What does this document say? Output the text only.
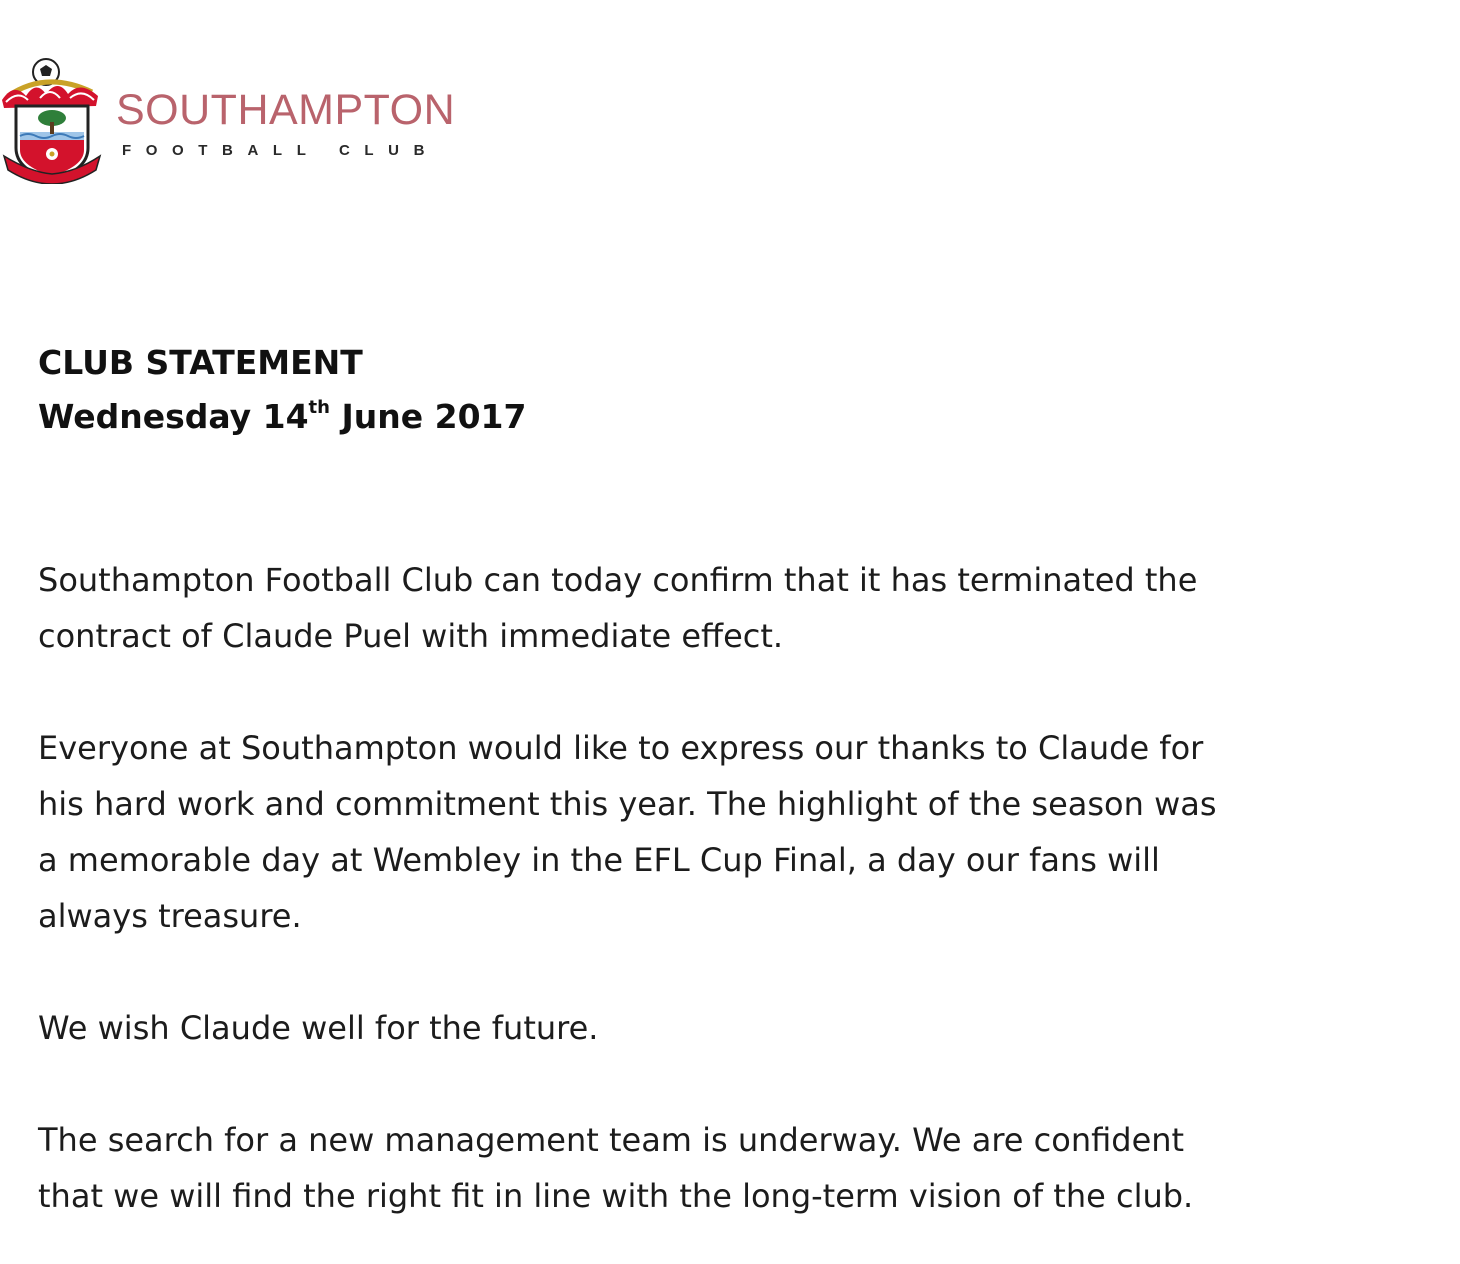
SOUTHAMPTON
FOOTBALL CLUB
CLUB STATEMENT
Wednesday 14th June 2017

Southampton Football Club can today confirm that it has terminated the
contract of Claude Puel with immediate effect.

Everyone at Southampton would like to express our thanks to Claude for
his hard work and commitment this year. The highlight of the season was
a memorable day at Wembley in the EFL Cup Final, a day our fans will
always treasure.

We wish Claude well for the future.

The search for a new management team is underway. We are confident
that we will find the right fit in line with the long-term vision of the club.
